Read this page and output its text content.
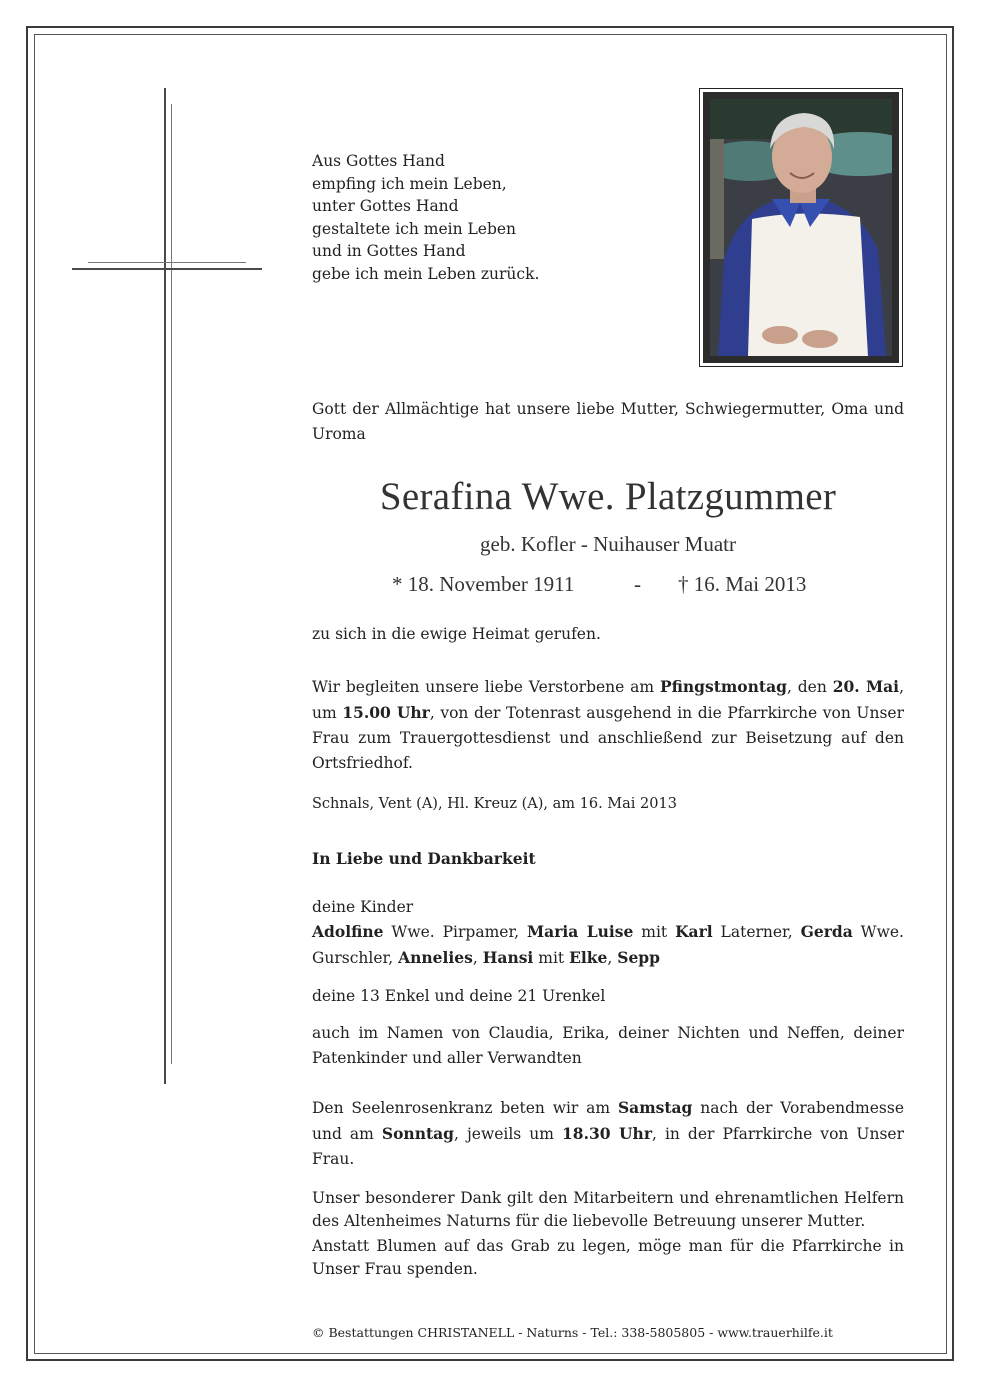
Aus Gottes Hand
empfing ich mein Leben,
unter Gottes Hand
gestaltete ich mein Leben
und in Gottes Hand
gebe ich mein Leben zurück.
Gott der Allmächtige hat unsere liebe Mutter, Schwiegermutter, Oma und Uroma
Serafina Wwe. Platzgummer
geb. Kofler - Nuihauser Muatr
* 18. November 1911	- † 16. Mai 2013
zu sich in die ewige Heimat gerufen.
Wir begleiten unsere liebe Verstorbene am Pfingstmontag, den 20. Mai, um 15.00 Uhr, von der Totenrast ausgehend in die Pfarrkirche von Unser Frau zum Trauergottesdienst und anschließend zur Beisetzung auf den Ortsfriedhof.
Schnals, Vent (A), Hl. Kreuz (A), am 16. Mai 2013
In Liebe und Dankbarkeit
deine Kinder
Adolfine Wwe. Pirpamer, Maria Luise mit Karl Laterner, Gerda Wwe. Gurschler, Annelies, Hansi mit Elke, Sepp
deine 13 Enkel und deine 21 Urenkel
auch im Namen von Claudia, Erika, deiner Nichten und Neffen, deiner Patenkinder und aller Verwandten
Den Seelenrosenkranz beten wir am Samstag nach der Vorabendmesse und am Sonntag, jeweils um 18.30 Uhr, in der Pfarrkirche von Unser Frau.
Unser besonderer Dank gilt den Mitarbeitern und ehrenamtlichen Helfern des Altenheimes Naturns für die liebevolle Betreuung unserer Mutter.
Anstatt Blumen auf das Grab zu legen, möge man für die Pfarrkirche in Unser Frau spenden.
© Bestattungen CHRISTANELL - Naturns - Tel.: 338-5805805 - www.trauerhilfe.it
